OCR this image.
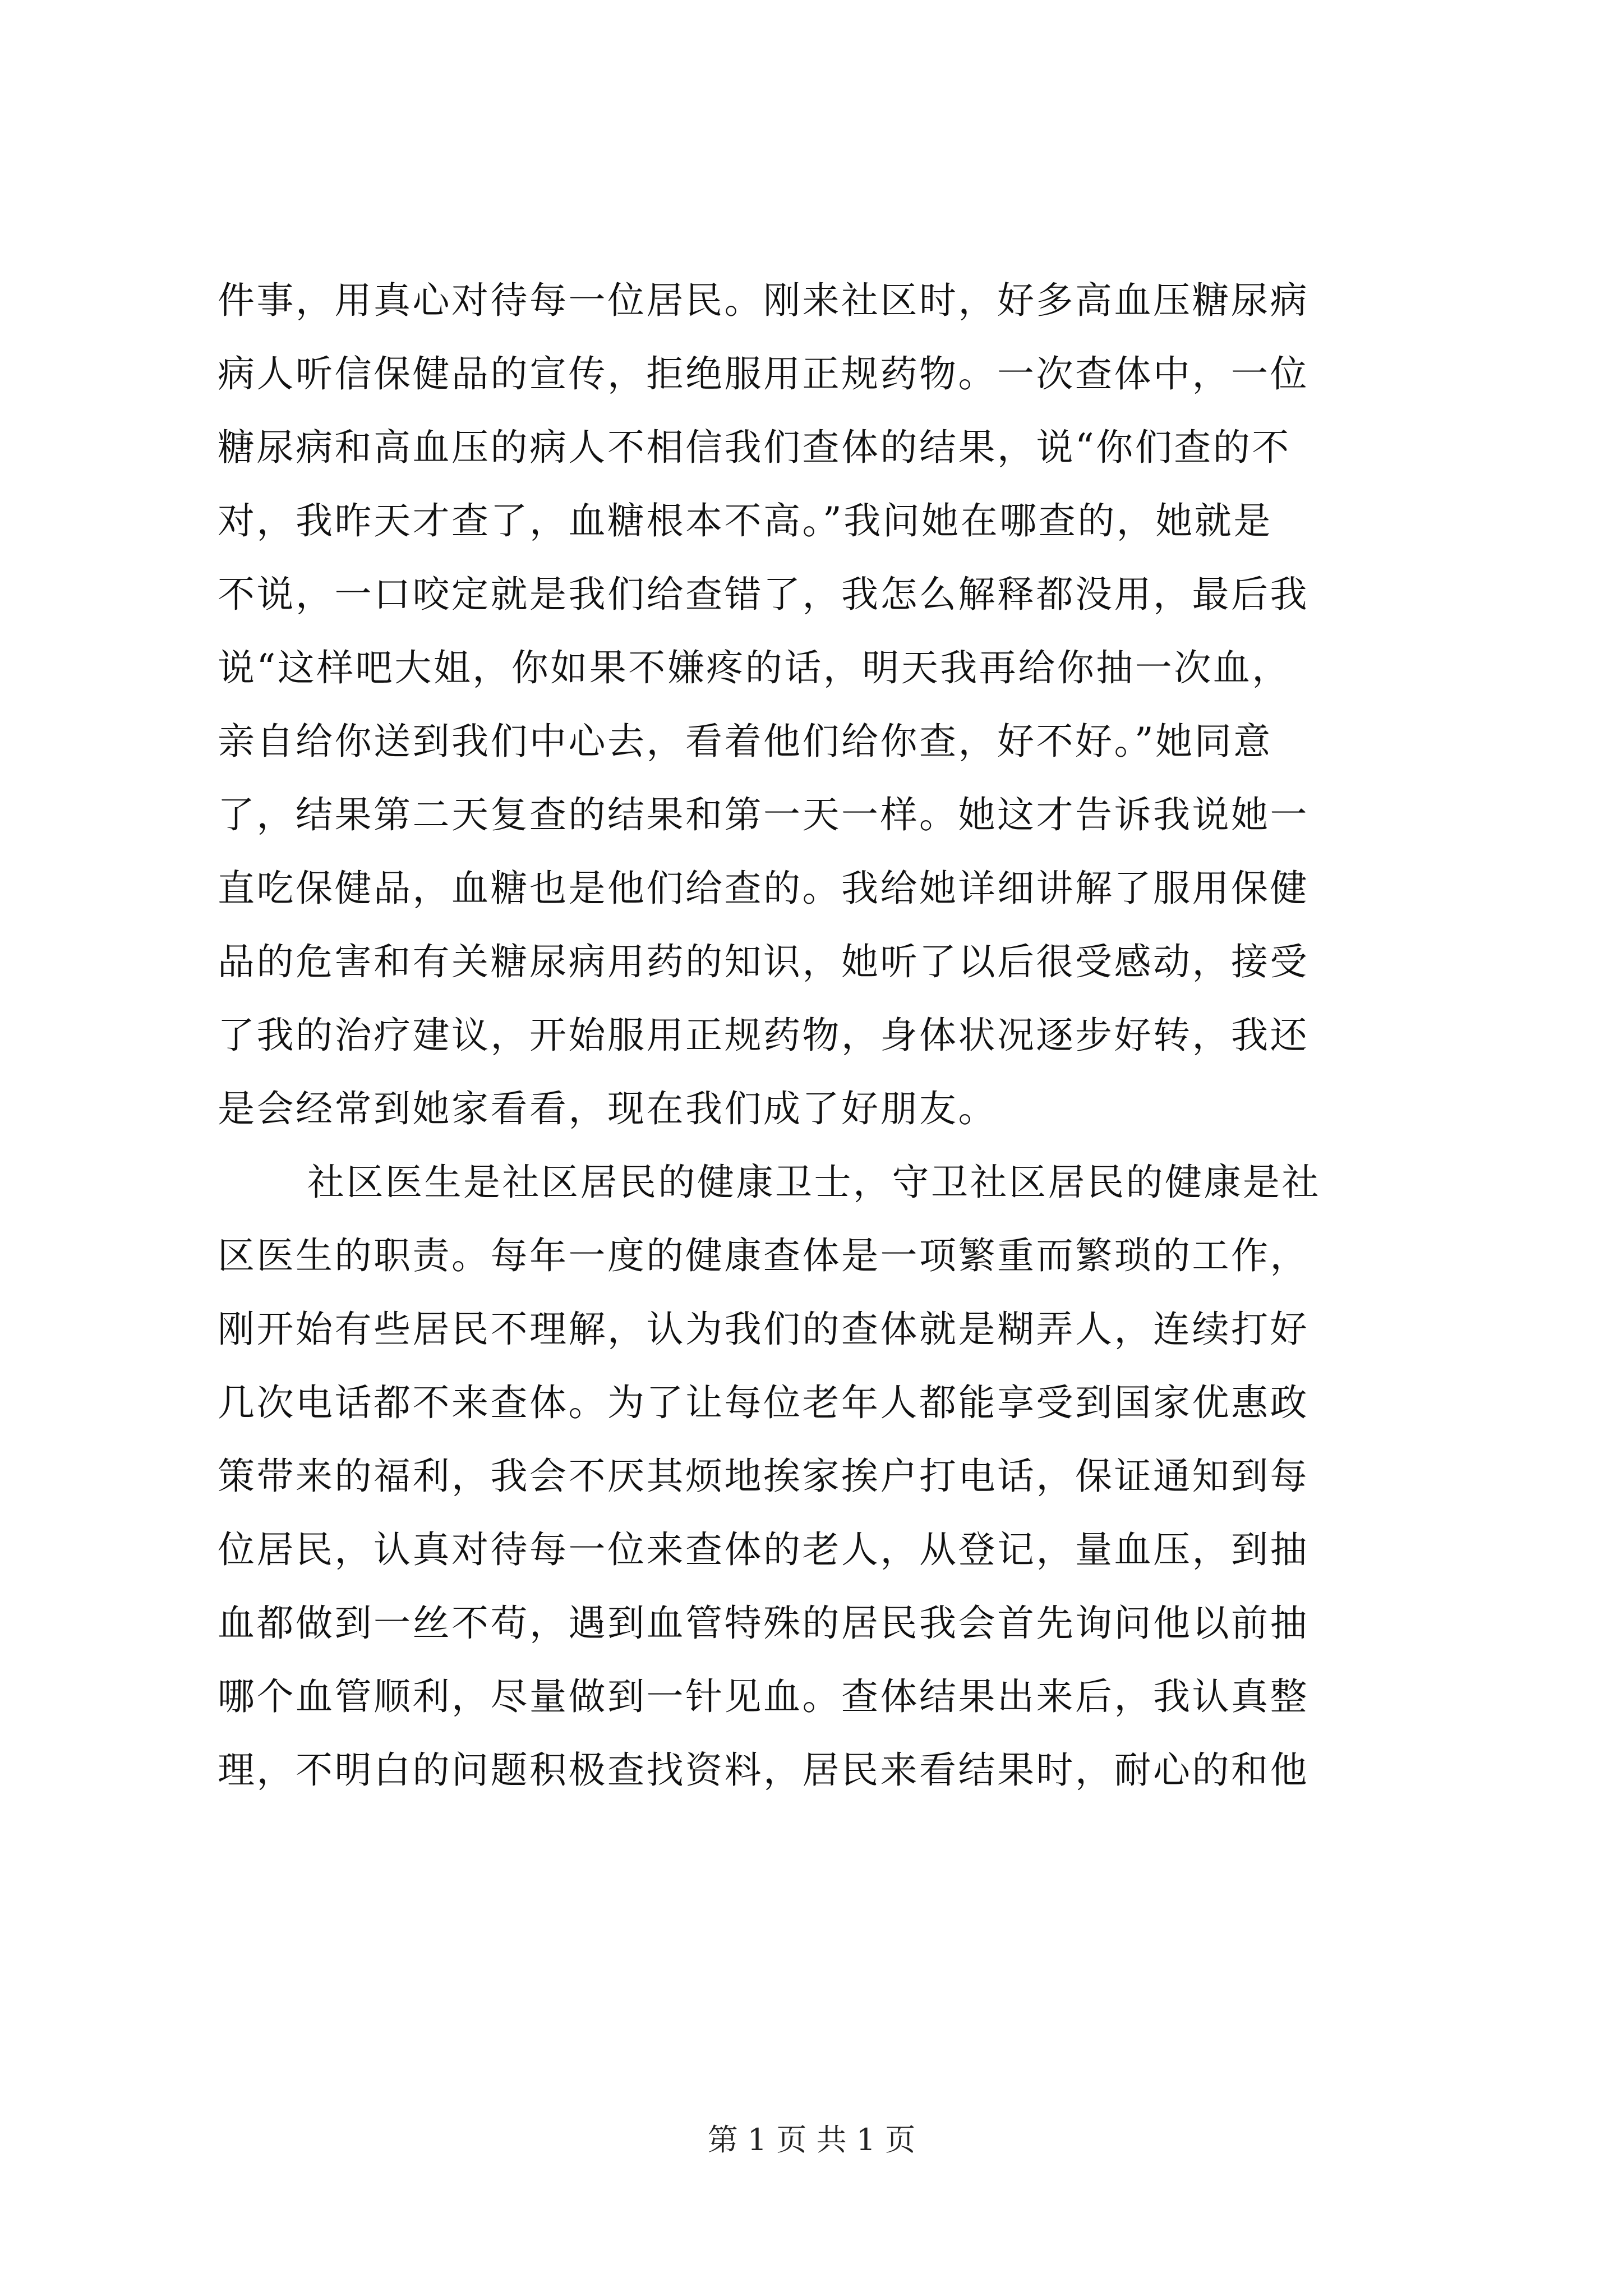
件事，用真心对待每一位居民。刚来社区时，好多高血压糖尿病
病人听信保健品的宣传，拒绝服用正规药物。一次查体中，一位
糖尿病和高血压的病人不相信我们查体的结果，说“你们查的不
对，我昨天才查了，血糖根本不高。”我问她在哪查的，她就是
不说，一口咬定就是我们给查错了，我怎么解释都没用，最后我
说“这样吧大姐，你如果不嫌疼的话，明天我再给你抽一次血，
亲自给你送到我们中心去，看着他们给你查，好不好。”她同意
了，结果第二天复查的结果和第一天一样。她这才告诉我说她一
直吃保健品，血糖也是他们给查的。我给她详细讲解了服用保健
品的危害和有关糖尿病用药的知识，她听了以后很受感动，接受
了我的治疗建议，开始服用正规药物，身体状况逐步好转，我还
是会经常到她家看看，现在我们成了好朋友。
社区医生是社区居民的健康卫士，守卫社区居民的健康是社
区医生的职责。每年一度的健康查体是一项繁重而繁琐的工作，
刚开始有些居民不理解，认为我们的查体就是糊弄人，连续打好
几次电话都不来查体。为了让每位老年人都能享受到国家优惠政
策带来的福利，我会不厌其烦地挨家挨户打电话，保证通知到每
位居民，认真对待每一位来查体的老人，从登记，量血压，到抽
血都做到一丝不苟，遇到血管特殊的居民我会首先询问他以前抽
哪个血管顺利，尽量做到一针见血。查体结果出来后，我认真整
理，不明白的问题积极查找资料，居民来看结果时，耐心的和他
第 1 页 共 1 页
